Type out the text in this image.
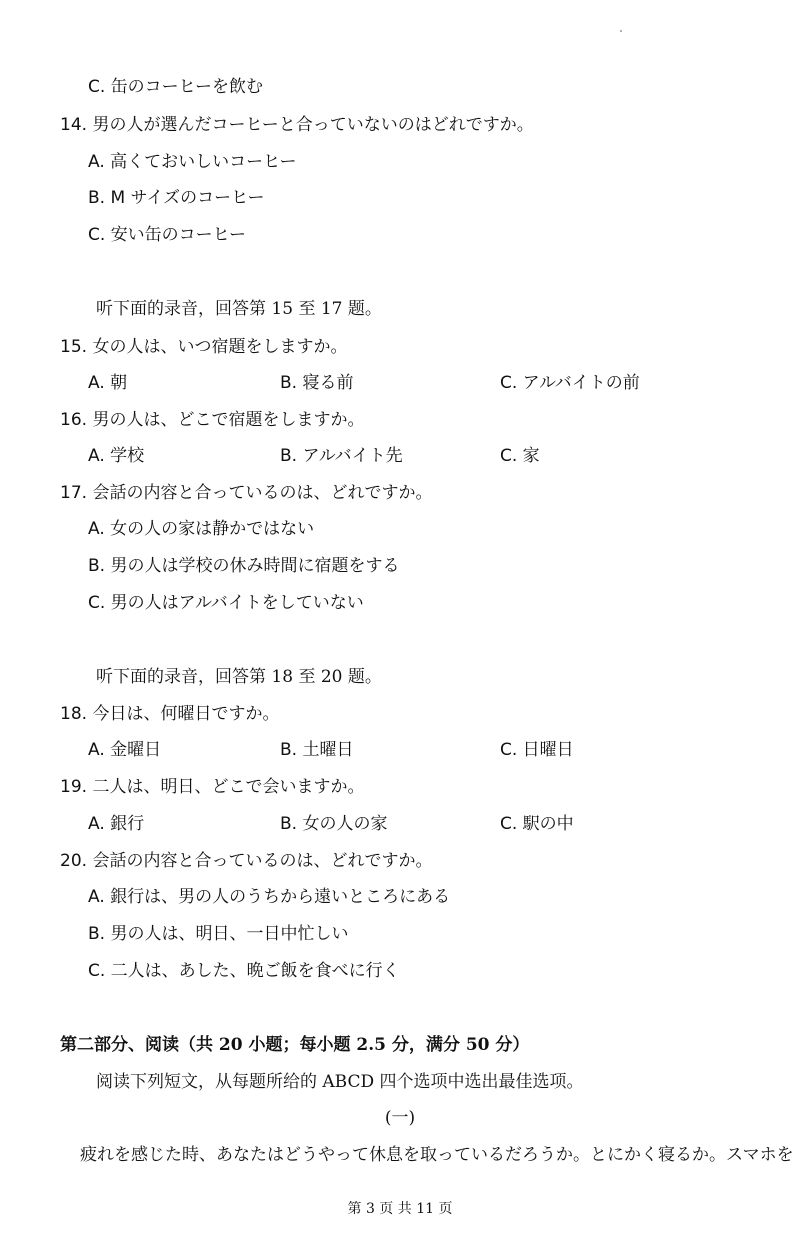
C. 缶のコーヒーを飲む
14. 男の人が選んだコーヒーと合っていないのはどれですか。
A. 高くておいしいコーヒー
B. M サイズのコーヒー
C. 安い缶のコーヒー
听下面的录音，回答第 15 至 17 题。
15. 女の人は、いつ宿題をしますか。
A. 朝	B. 寝る前	C. アルバイトの前
16. 男の人は、どこで宿題をしますか。
A. 学校	B. アルバイト先	C. 家
17. 会話の内容と合っているのは、どれですか。
A. 女の人の家は静かではない
B. 男の人は学校の休み時間に宿題をする
C. 男の人はアルバイトをしていない
听下面的录音，回答第 18 至 20 题。
18. 今日は、何曜日ですか。
A. 金曜日	B. 土曜日	C. 日曜日
19. 二人は、明日、どこで会いますか。
A. 銀行	B. 女の人の家	C. 駅の中
20. 会話の内容と合っているのは、どれですか。
A. 銀行は、男の人のうちから遠いところにある
B. 男の人は、明日、一日中忙しい
C. 二人は、あした、晩ご飯を食べに行く
第二部分、阅读（共 20 小题；每小题 2.5 分，满分 50 分）
阅读下列短文，从每题所给的 ABCD 四个选项中选出最佳选项。
(一)
疲れを感じた時、あなたはどうやって休息を取っているだろうか。とにかく寝るか。スマホを
第 3 页 共 11 页
